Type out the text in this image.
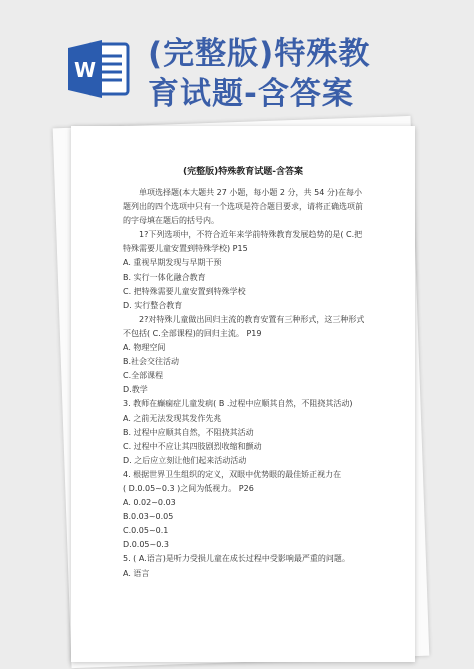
W (完整版)特殊教
育试题-含答案
(完整版)特殊教育试题-含答案

单项选择题(本大题共 27 小题，每小题 2 分，共 54 分)在每小

题列出的四个选项中只有一个选项是符合题目要求，请将正确选项前

的字母填在题后的括号内。

1?下列选项中，不符合近年来学前特殊教育发展趋势的是( C.把

特殊需要儿童安置到特殊学校) P15

A. 重视早期发现与早期干预

B. 实行一体化融合教育

C. 把特殊需要儿童安置到特殊学校

D. 实行整合教育

2?对特殊儿童做出回归主流的教育安置有三种形式，这三种形式

不包括( C.全部课程)的回归主流。 P19

A. 物理空间

B.社会交往活动

C.全部课程

D.教学

3. 教师在癫痫症儿童发病( B .过程中应顺其自然，不阻挠其活动)

A. 之前无法发现其发作先兆

B. 过程中应顺其自然，不阻挠其活动

C. 过程中不应让其四肢剧烈收缩和颤动

D. 之后应立刻让他们起来活动活动

4. 根据世界卫生组织的定义，双眼中优势眼的最佳矫正视力在

( D.0.05~0.3 )之间为低视力。 P26

A. 0.02~0.03

B.0.03~0.05

C.0.05~0.1

D.0.05~0.3

5. ( A.语言)是听力受损儿童在成长过程中受影响最严重的问题。

A. 语言
